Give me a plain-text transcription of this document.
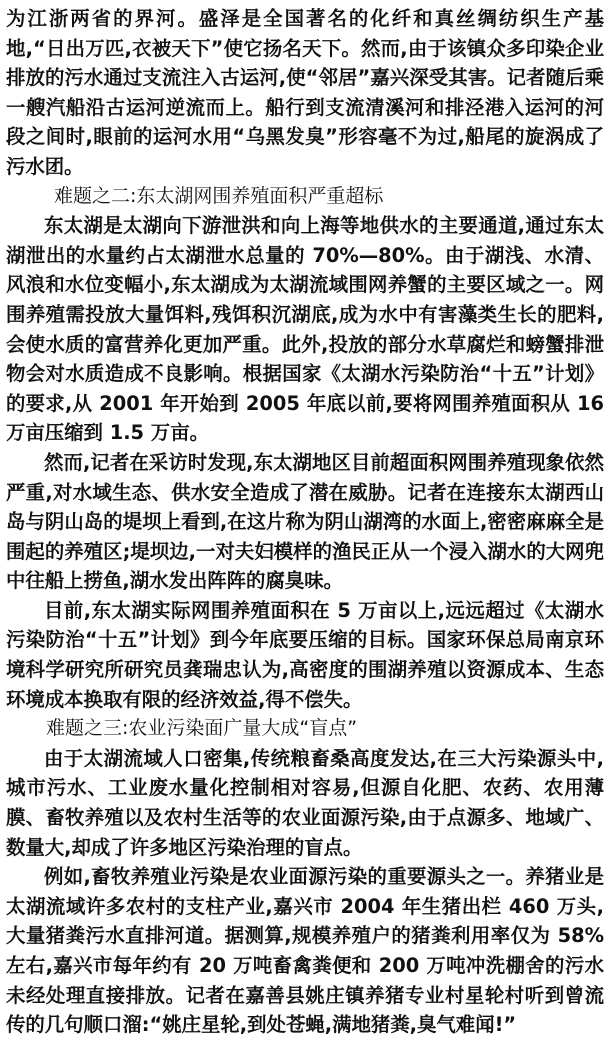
为江浙两省的界河。盛泽是全国著名的化纤和真丝绸纺织生产基地,“日出万匹,衣被天下”使它扬名天下。然而,由于该镇众多印染企业排放的污水通过支流注入古运河,使“邻居”嘉兴深受其害。记者随后乘一艘汽船沿古运河逆流而上。船行到支流清溪河和排泾港入运河的河段之间时,眼前的运河水用“乌黑发臭”形容毫不为过,船尾的旋涡成了污水团。

难题之二:东太湖网围养殖面积严重超标

东太湖是太湖向下游泄洪和向上海等地供水的主要通道,通过东太湖泄出的水量约占太湖泄水总量的 70%—80%。由于湖浅、水清、风浪和水位变幅小,东太湖成为太湖流域围网养蟹的主要区域之一。网围养殖需投放大量饵料,残饵积沉湖底,成为水中有害藻类生长的肥料,会使水质的富营养化更加严重。此外,投放的部分水草腐烂和螃蟹排泄物会对水质造成不良影响。根据国家《太湖水污染防治“十五”计划》的要求,从 2001 年开始到 2005 年底以前,要将网围养殖面积从 16 万亩压缩到 1.5 万亩。

然而,记者在采访时发现,东太湖地区目前超面积网围养殖现象依然严重,对水域生态、供水安全造成了潜在威胁。记者在连接东太湖西山岛与阴山岛的堤坝上看到,在这片称为阴山湖湾的水面上,密密麻麻全是围起的养殖区;堤坝边,一对夫妇模样的渔民正从一个浸入湖水的大网兜中往船上捞鱼,湖水发出阵阵的腐臭味。

目前,东太湖实际网围养殖面积在 5 万亩以上,远远超过《太湖水污染防治“十五”计划》到今年底要压缩的目标。国家环保总局南京环境科学研究所研究员龚瑞忠认为,高密度的围湖养殖以资源成本、生态环境成本换取有限的经济效益,得不偿失。

难题之三:农业污染面广量大成“盲点”

由于太湖流域人口密集,传统粮畜桑高度发达,在三大污染源头中,城市污水、工业废水量化控制相对容易,但源自化肥、农药、农用薄膜、畜牧养殖以及农村生活等的农业面源污染,由于点源多、地域广、数量大,却成了许多地区污染治理的盲点。

例如,畜牧养殖业污染是农业面源污染的重要源头之一。养猪业是太湖流域许多农村的支柱产业,嘉兴市 2004 年生猪出栏 460 万头,大量猪粪污水直排河道。据测算,规模养殖户的猪粪利用率仅为 58%左右,嘉兴市每年约有 20 万吨畜禽粪便和 200 万吨冲洗棚舍的污水未经处理直接排放。记者在嘉善县姚庄镇养猪专业村星轮村听到曾流传的几句顺口溜:“姚庄星轮,到处苍蝇,满地猪粪,臭气难闻!”
